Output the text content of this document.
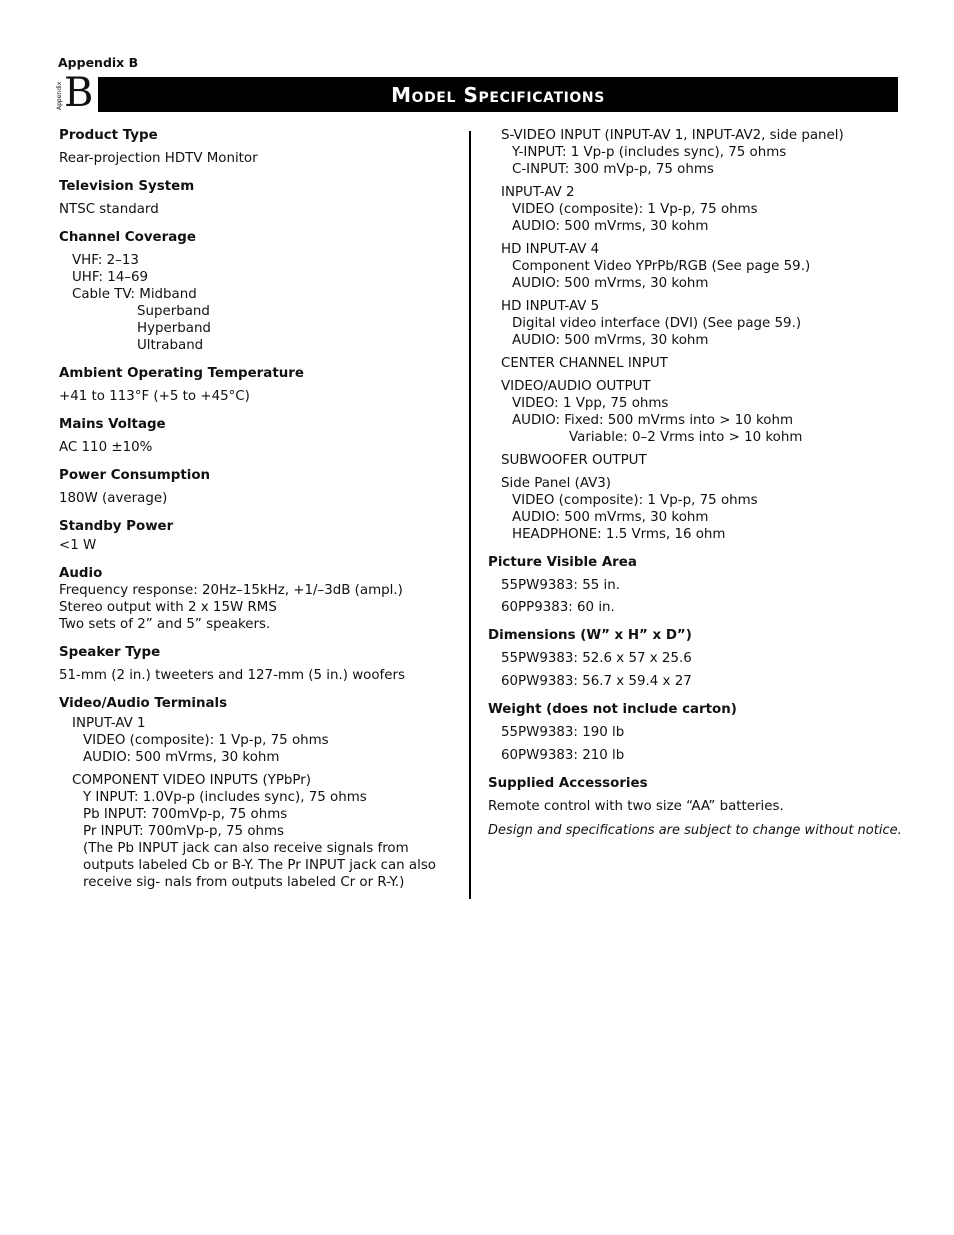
Appendix B
Appendix B	Model Specifications
Product Type
Rear-projection HDTV Monitor
Television System
NTSC standard
Channel Coverage
VHF: 2–13
UHF: 14–69
Cable TV: Midband
Superband
Hyperband
Ultraband
Ambient Operating Temperature
+41 to 113°F (+5 to +45°C)
Mains Voltage
AC 110 ±10%
Power Consumption
180W (average)
Standby Power
<1 W
Audio
Frequency response: 20Hz–15kHz, +1/–3dB (ampl.)
Stereo output with 2 x 15W RMS
Two sets of 2” and 5” speakers.
Speaker Type
51-mm (2 in.) tweeters and 127-mm (5 in.) woofers
Video/Audio Terminals
INPUT-AV 1
VIDEO (composite): 1 Vp-p, 75 ohms
AUDIO: 500 mVrms, 30 kohm
COMPONENT VIDEO INPUTS (YPbPr)
Y INPUT: 1.0Vp-p (includes sync), 75 ohms
Pb INPUT: 700mVp-p, 75 ohms
Pr INPUT: 700mVp-p, 75 ohms
(The Pb INPUT jack can also receive signals from outputs labeled Cb or B-Y. The Pr INPUT jack can also receive sig- nals from outputs labeled Cr or R-Y.)
S-VIDEO INPUT (INPUT-AV 1, INPUT-AV2, side panel)
Y-INPUT: 1 Vp-p (includes sync), 75 ohms
C-INPUT: 300 mVp-p, 75 ohms
INPUT-AV 2
VIDEO (composite): 1 Vp-p, 75 ohms
AUDIO: 500 mVrms, 30 kohm
HD INPUT-AV 4
Component Video YPrPb/RGB (See page 59.)
AUDIO: 500 mVrms, 30 kohm
HD INPUT-AV 5
Digital video interface (DVI) (See page 59.)
AUDIO: 500 mVrms, 30 kohm
CENTER CHANNEL INPUT
VIDEO/AUDIO OUTPUT
VIDEO: 1 Vpp, 75 ohms
AUDIO: Fixed: 500 mVrms into > 10 kohm
Variable: 0–2 Vrms into > 10 kohm
SUBWOOFER OUTPUT
Side Panel (AV3)
VIDEO (composite): 1 Vp-p, 75 ohms
AUDIO: 500 mVrms, 30 kohm
HEADPHONE: 1.5 Vrms, 16 ohm
Picture Visible Area
55PW9383: 55 in.
60PP9383: 60 in.
Dimensions (W” x H” x D”)
55PW9383: 52.6 x 57 x 25.6
60PW9383: 56.7 x 59.4 x 27
Weight (does not include carton)
55PW9383: 190 lb
60PW9383: 210 lb
Supplied Accessories
Remote control with two size “AA” batteries.
Design and specifications are subject to change without notice.
